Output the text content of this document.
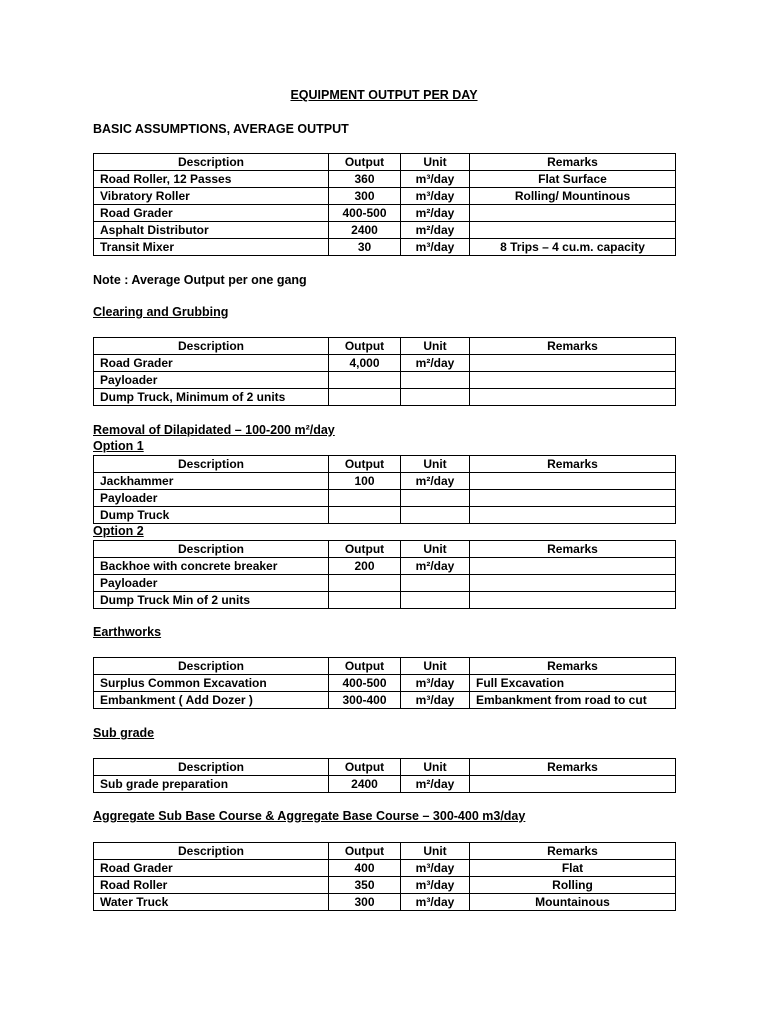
EQUIPMENT OUTPUT PER DAY
BASIC ASSUMPTIONS, AVERAGE OUTPUT
Description	Output	Unit	Remarks
Road Roller, 12 Passes	360	m³/day	Flat Surface
Vibratory Roller	300	m³/day	Rolling/ Mountinous
Road Grader	400-500	m²/day	
Asphalt Distributor	2400	m²/day	
Transit Mixer	30	m³/day	8 Trips – 4 cu.m. capacity
Note : Average Output per one gang
Clearing and Grubbing
Description	Output	Unit	Remarks
Road Grader	4,000	m²/day	
Payloader			
Dump Truck, Minimum of 2 units			
Removal of Dilapidated – 100-200 m²/day
Option 1
Description	Output	Unit	Remarks
Jackhammer	100	m²/day	
Payloader			
Dump Truck			
Option 2
Description	Output	Unit	Remarks
Backhoe with concrete breaker	200	m²/day	
Payloader			
Dump Truck Min of 2 units			
Earthworks
Description	Output	Unit	Remarks
Surplus Common Excavation	400-500	m³/day	Full Excavation
Embankment ( Add Dozer )	300-400	m³/day	Embankment from road to cut
Sub grade
Description	Output	Unit	Remarks
Sub grade preparation	2400	m²/day	
Aggregate Sub Base Course & Aggregate Base Course – 300-400 m3/day
Description	Output	Unit	Remarks
Road Grader	400	m³/day	Flat
Road Roller	350	m³/day	Rolling
Water Truck	300	m³/day	Mountainous
